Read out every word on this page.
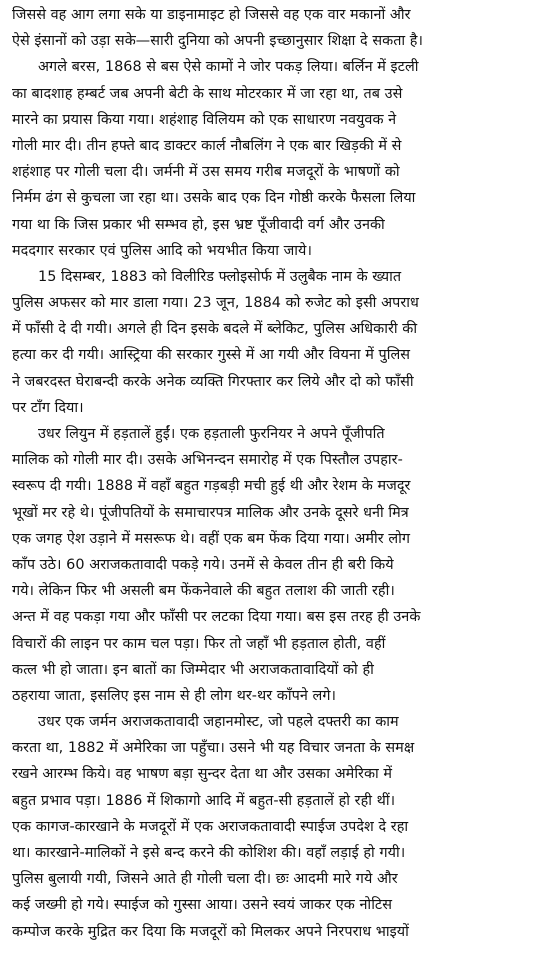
जिससे वह आग लगा सके या डाइनामाइट हो जिससे वह एक वार मकानों और

ऐसे इंसानों को उड़ा सके—सारी दुनिया को अपनी इच्छानुसार शिक्षा दे सकता है।

अगले बरस, 1868 से बस ऐसे कामों ने जोर पकड़ लिया। बर्लिन में इटली

का बादशाह हम्बर्ट जब अपनी बेटी के साथ मोटरकार में जा रहा था, तब उसे

मारने का प्रयास किया गया। शहंशाह विलियम को एक साधारण नवयुवक ने

गोली मार दी। तीन हफ्ते बाद डाक्टर कार्ल नौबलिंग ने एक बार खिड़की में से

शहंशाह पर गोली चला दी। जर्मनी में उस समय गरीब मजदूरों के भाषणों को

निर्मम ढंग से कुचला जा रहा था। उसके बाद एक दिन गोष्ठी करके फैसला लिया

गया था कि जिस प्रकार भी सम्भव हो, इस भ्रष्ट पूँजीवादी वर्ग और उनकी

मददगार सरकार एवं पुलिस आदि को भयभीत किया जाये।

15 दिसम्बर, 1883 को विलीरिड फ्लोइसोर्फ में उलुबैक नाम के ख्यात

पुलिस अफसर को मार डाला गया। 23 जून, 1884 को रुजेट को इसी अपराध

में फाँसी दे दी गयी। अगले ही दिन इसके बदले में ब्लेकिट, पुलिस अधिकारी की

हत्या कर दी गयी। आस्ट्रिया की सरकार गुस्से में आ गयी और वियना में पुलिस

ने जबरदस्त घेराबन्दी करके अनेक व्यक्ति गिरफ्तार कर लिये और दो को फाँसी

पर टाँग दिया।

उधर लियुन में हड़तालें हुईं। एक हड़ताली फुरनियर ने अपने पूँजीपति

मालिक को गोली मार दी। उसके अभिनन्दन समारोह में एक पिस्तौल उपहार-

स्वरूप दी गयी। 1888 में वहाँ बहुत गड़बड़ी मची हुई थी और रेशम के मजदूर

भूखों मर रहे थे। पूंजीपतियों के समाचारपत्र मालिक और उनके दूसरे धनी मित्र

एक जगह ऐश उड़ाने में मसरूफ थे। वहीं एक बम फेंक दिया गया। अमीर लोग

काँप उठे। 60 अराजकतावादी पकड़े गये। उनमें से केवल तीन ही बरी किये

गये। लेकिन फिर भी असली बम फेंकनेवाले की बहुत तलाश की जाती रही।

अन्त में वह पकड़ा गया और फाँसी पर लटका दिया गया। बस इस तरह ही उनके

विचारों की लाइन पर काम चल पड़ा। फिर तो जहाँ भी हड़ताल होती, वहीं

कत्ल भी हो जाता। इन बातों का जिम्मेदार भी अराजकतावादियों को ही

ठहराया जाता, इसलिए इस नाम से ही लोग थर-थर काँपने लगे।

उधर एक जर्मन अराजकतावादी जहानमोस्ट, जो पहले दफ्तरी का काम

करता था, 1882 में अमेरिका जा पहुँचा। उसने भी यह विचार जनता के समक्ष

रखने आरम्भ किये। वह भाषण बड़ा सुन्दर देता था और उसका अमेरिका में

बहुत प्रभाव पड़ा। 1886 में शिकागो आदि में बहुत-सी हड़तालें हो रही थीं।

एक कागज-कारखाने के मजदूरों में एक अराजकतावादी स्पाईज उपदेश दे रहा

था। कारखाने-मालिकों ने इसे बन्द करने की कोशिश की। वहाँ लड़ाई हो गयी।

पुलिस बुलायी गयी, जिसने आते ही गोली चला दी। छः आदमी मारे गये और

कई जख्मी हो गये। स्पाईज को गुस्सा आया। उसने स्वयं जाकर एक नोटिस

कम्पोज करके मुद्रित कर दिया कि मजदूरों को मिलकर अपने निरपराध भाइयों
